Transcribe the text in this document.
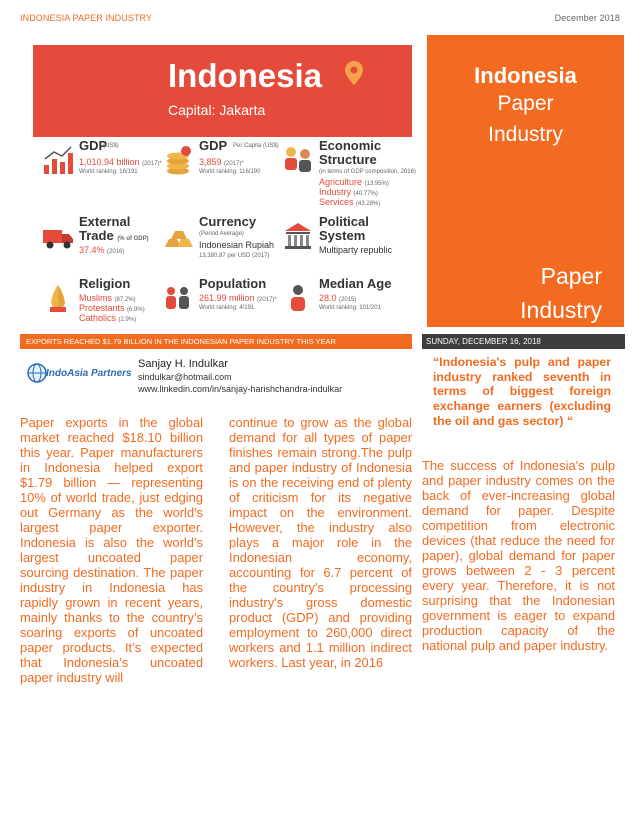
INDONESIA PAPER INDUSTRY	December 2018
Indonesia
Capital: Jakarta
GDP
(US$)
1,010.94 billion (2017)*
World ranking: 16/191
GDP Per Capita (US$)
3,859 (2017)*
World ranking: 116/190
Economic
Structure
(in terms of GDP composition, 2016)
Agriculture (13.95%)
Industry (40.77%)
Services (43.28%)
External
Trade (% of GDP)
37.4% (2016)
Currency
(Period Average)
Indonesian Rupiah
13,380.87 per USD (2017)
Political
System
Multiparty republic
Religion
Muslims (87.2%)
Protestants (6.9%)
Catholics (2.9%)
Population
261.99 million (2017)*
World ranking: 4/191
Median Age
28.0 (2015)
World ranking: 101/201
Indonesia
Paper
Industry
Paper
Industry
EXPORTS REACHED $1.79 BILLION IN THE INDONESIAN PAPER INDUSTRY THIS YEAR	SUNDAY, DECEMBER 16, 2018
IndoAsia Partners
Sanjay H. Indulkar
sindulkar@hotmail.com
www.linkedin.com/in/sanjay-harishchandra-indulkar
Paper exports in the global market reached $18.10 billion this year. Paper manufacturers in Indonesia helped export $1.79 billion — representing 10% of world trade, just edging out Germany as the world's largest paper exporter. Indonesia is also the world’s largest uncoated paper sourcing destination. The paper industry in Indonesia has rapidly grown in recent years, mainly thanks to the country’s soaring exports of uncoated paper products. It’s expected that Indonesia’s uncoated paper industry will
continue to grow as the global demand for all types of paper finishes remain strong.The pulp and paper industry of Indonesia is on the receiving end of plenty of criticism for its negative impact on the environment. However, the industry also plays a major role in the Indonesian economy, accounting for 6.7 percent of the country's processing industry's gross domestic product (GDP) and providing employment to 260,000 direct workers and 1.1 million indirect workers. Last year, in 2016
“Indonesia's pulp and paper industry ranked seventh in terms of biggest foreign exchange earners (excluding the oil and gas sector) “
The success of Indonesia's pulp and paper industry comes on the back of ever-increasing global demand for paper. Despite competition from electronic devices (that reduce the need for paper), global demand for paper grows between 2 - 3 percent every year. Therefore, it is not surprising that the Indonesian government is eager to expand production capacity of the national pulp and paper industry.
